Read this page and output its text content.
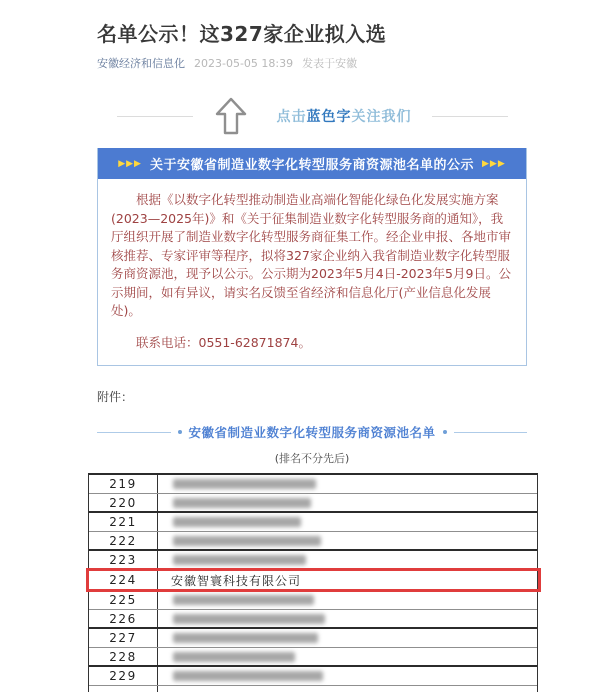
名单公示！这327家企业拟入选
安徽经济和信息化 2023-05-05 18:39 发表于安徽
点击蓝色字关注我们
▶▶▶ 关于安徽省制造业数字化转型服务商资源池名单的公示 ▶▶▶

根据《以数字化转型推动制造业高端化智能化绿色化发展实施方案(2023—2025年)》和《关于征集制造业数字化转型服务商的通知》，我厅组织开展了制造业数字化转型服务商征集工作。经企业申报、各地市审核推荐、专家评审等程序，拟将327家企业纳入我省制造业数字化转型服务商资源池，现予以公示。公示期为2023年5月4日-2023年5月9日。公示期间，如有异议，请实名反馈至省经济和信息化厅(产业信息化发展处)。

联系电话：0551-62871874。

附件：
安徽省制造业数字化转型服务商资源池名单
(排名不分先后)
219
220
221
222
223
224	安徽智寰科技有限公司
225
226
227
228
229
